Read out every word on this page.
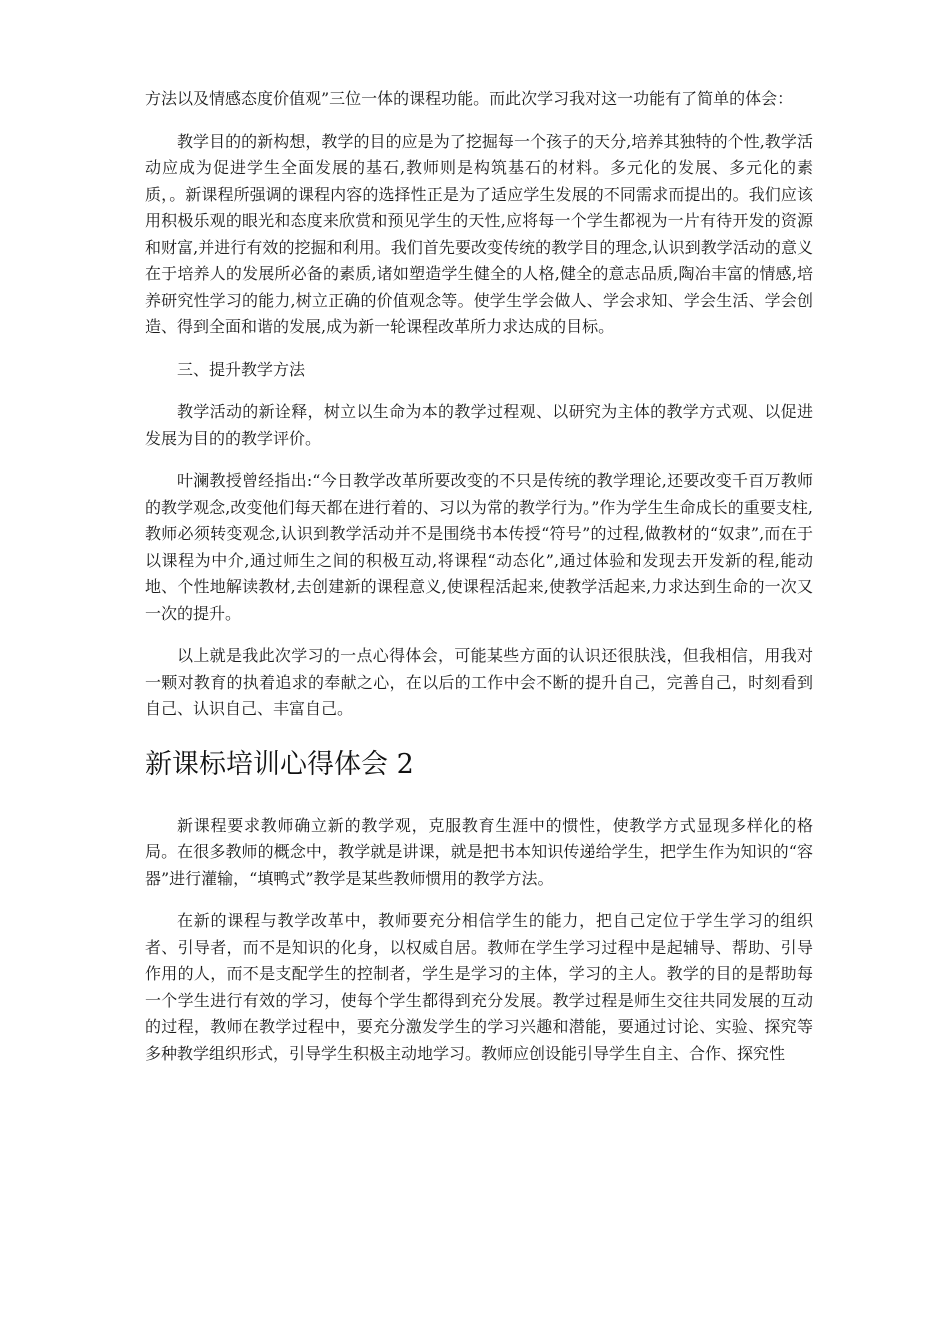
方法以及情感态度价值观”三位一体的课程功能。而此次学习我对这一功能有了简单的体会：

教学目的的新构想，教学的目的应是为了挖掘每一个孩子的天分,培养其独特的个性,教学活动应成为促进学生全面发展的基石,教师则是构筑基石的材料。多元化的发展、多元化的素质，。新课程所强调的课程内容的选择性正是为了适应学生发展的不同需求而提出的。我们应该用积极乐观的眼光和态度来欣赏和预见学生的天性,应将每一个学生都视为一片有待开发的资源和财富,并进行有效的挖掘和利用。我们首先要改变传统的教学目的理念,认识到教学活动的意义在于培养人的发展所必备的素质,诸如塑造学生健全的人格,健全的意志品质,陶冶丰富的情感,培养研究性学习的能力,树立正确的价值观念等。使学生学会做人、学会求知、学会生活、学会创造、得到全面和谐的发展,成为新一轮课程改革所力求达成的目标。

三、提升教学方法

教学活动的新诠释，树立以生命为本的教学过程观、以研究为主体的教学方式观、以促进发展为目的的教学评价。

叶澜教授曾经指出:“今日教学改革所要改变的不只是传统的教学理论,还要改变千百万教师的教学观念,改变他们每天都在进行着的、习以为常的教学行为。”作为学生生命成长的重要支柱,教师必须转变观念,认识到教学活动并不是围绕书本传授“符号”的过程,做教材的“奴隶”,而在于以课程为中介,通过师生之间的积极互动,将课程“动态化”,通过体验和发现去开发新的程,能动地、个性地解读教材,去创建新的课程意义,使课程活起来,使教学活起来,力求达到生命的一次又一次的提升。

以上就是我此次学习的一点心得体会，可能某些方面的认识还很肤浅，但我相信，用我对一颗对教育的执着追求的奉献之心，在以后的工作中会不断的提升自己，完善自己，时刻看到自己、认识自己、丰富自己。

新课标培训心得体会 2

新课程要求教师确立新的教学观，克服教育生涯中的惯性，使教学方式显现多样化的格局。在很多教师的概念中，教学就是讲课，就是把书本知识传递给学生，把学生作为知识的“容器”进行灌输，“填鸭式”教学是某些教师惯用的教学方法。

在新的课程与教学改革中，教师要充分相信学生的能力，把自己定位于学生学习的组织者、引导者，而不是知识的化身，以权威自居。教师在学生学习过程中是起辅导、帮助、引导作用的人，而不是支配学生的控制者，学生是学习的主体，学习的主人。教学的目的是帮助每一个学生进行有效的学习，使每个学生都得到充分发展。教学过程是师生交往共同发展的互动的过程，教师在教学过程中，要充分激发学生的学习兴趣和潜能，要通过讨论、实验、探究等多种教学组织形式，引导学生积极主动地学习。教师应创设能引导学生自主、合作、探究性
